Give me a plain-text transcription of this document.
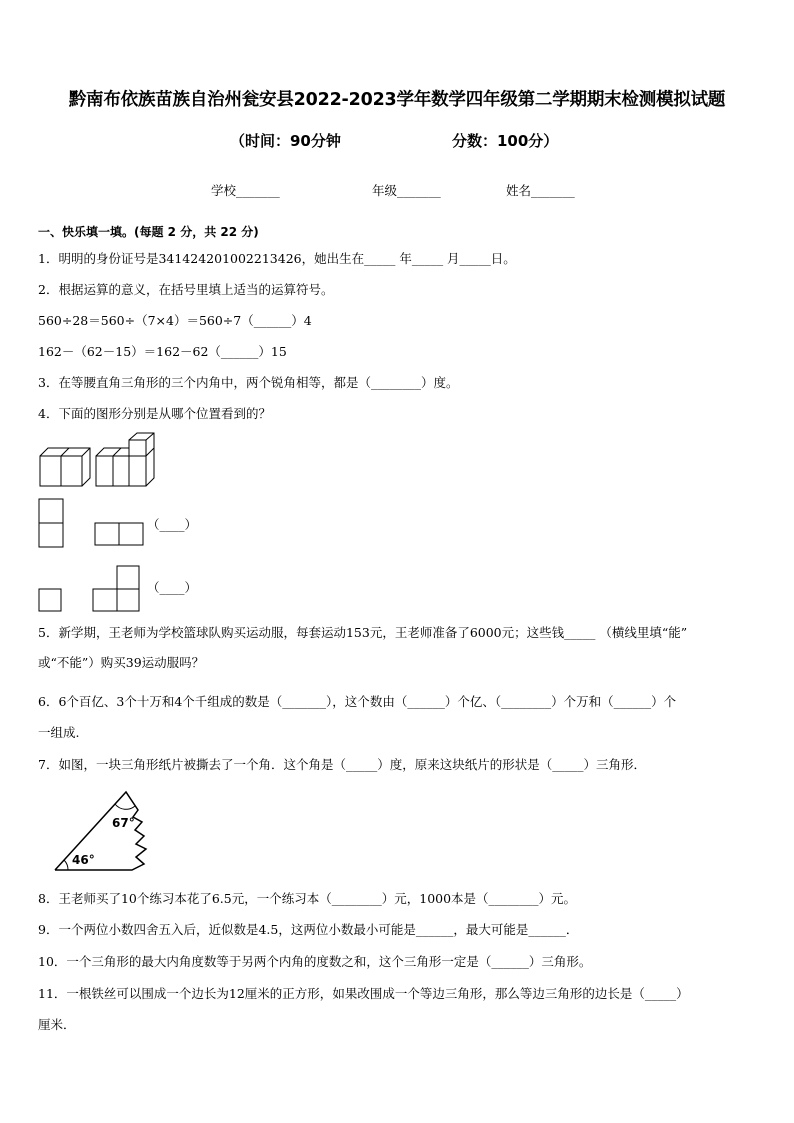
黔南布依族苗族自治州瓮安县2022-2023学年数学四年级第二学期期末检测模拟试题
（时间：90分钟	分数：100分）
学校_______	年级_______	姓名_______
一、快乐填一填。(每题 2 分，共 22 分)
1．明明的身份证号是341424201002213426，她出生在_____ 年_____ 月_____日。
2．根据运算的意义，在括号里填上适当的运算符号。
560÷28＝560÷（7×4）＝560÷7（______）4
162－（62－15）＝162－62（______）15
3．在等腰直角三角形的三个内角中，两个锐角相等，都是（________）度。
4．下面的图形分别是从哪个位置看到的？
（____）
（____）
5．新学期，王老师为学校篮球队购买运动服，每套运动153元，王老师准备了6000元；这些钱_____ （横线里填“能”
或“不能”）购买39运动服吗？
6．6个百亿、3个十万和4个千组成的数是（_______），这个数由（______）个亿、（________）个万和（______）个
一组成.
7．如图，一块三角形纸片被撕去了一个角．这个角是（_____）度，原来这块纸片的形状是（_____）三角形．
67°
46°
8．王老师买了10个练习本花了6.5元，一个练习本（________）元，1000本是（________）元。
9．一个两位小数四舍五入后，近似数是4.5，这两位小数最小可能是______，最大可能是______．
10．一个三角形的最大内角度数等于另两个内角的度数之和，这个三角形一定是（______）三角形。
11．一根铁丝可以围成一个边长为12厘米的正方形，如果改围成一个等边三角形，那么等边三角形的边长是（_____）
厘米．
